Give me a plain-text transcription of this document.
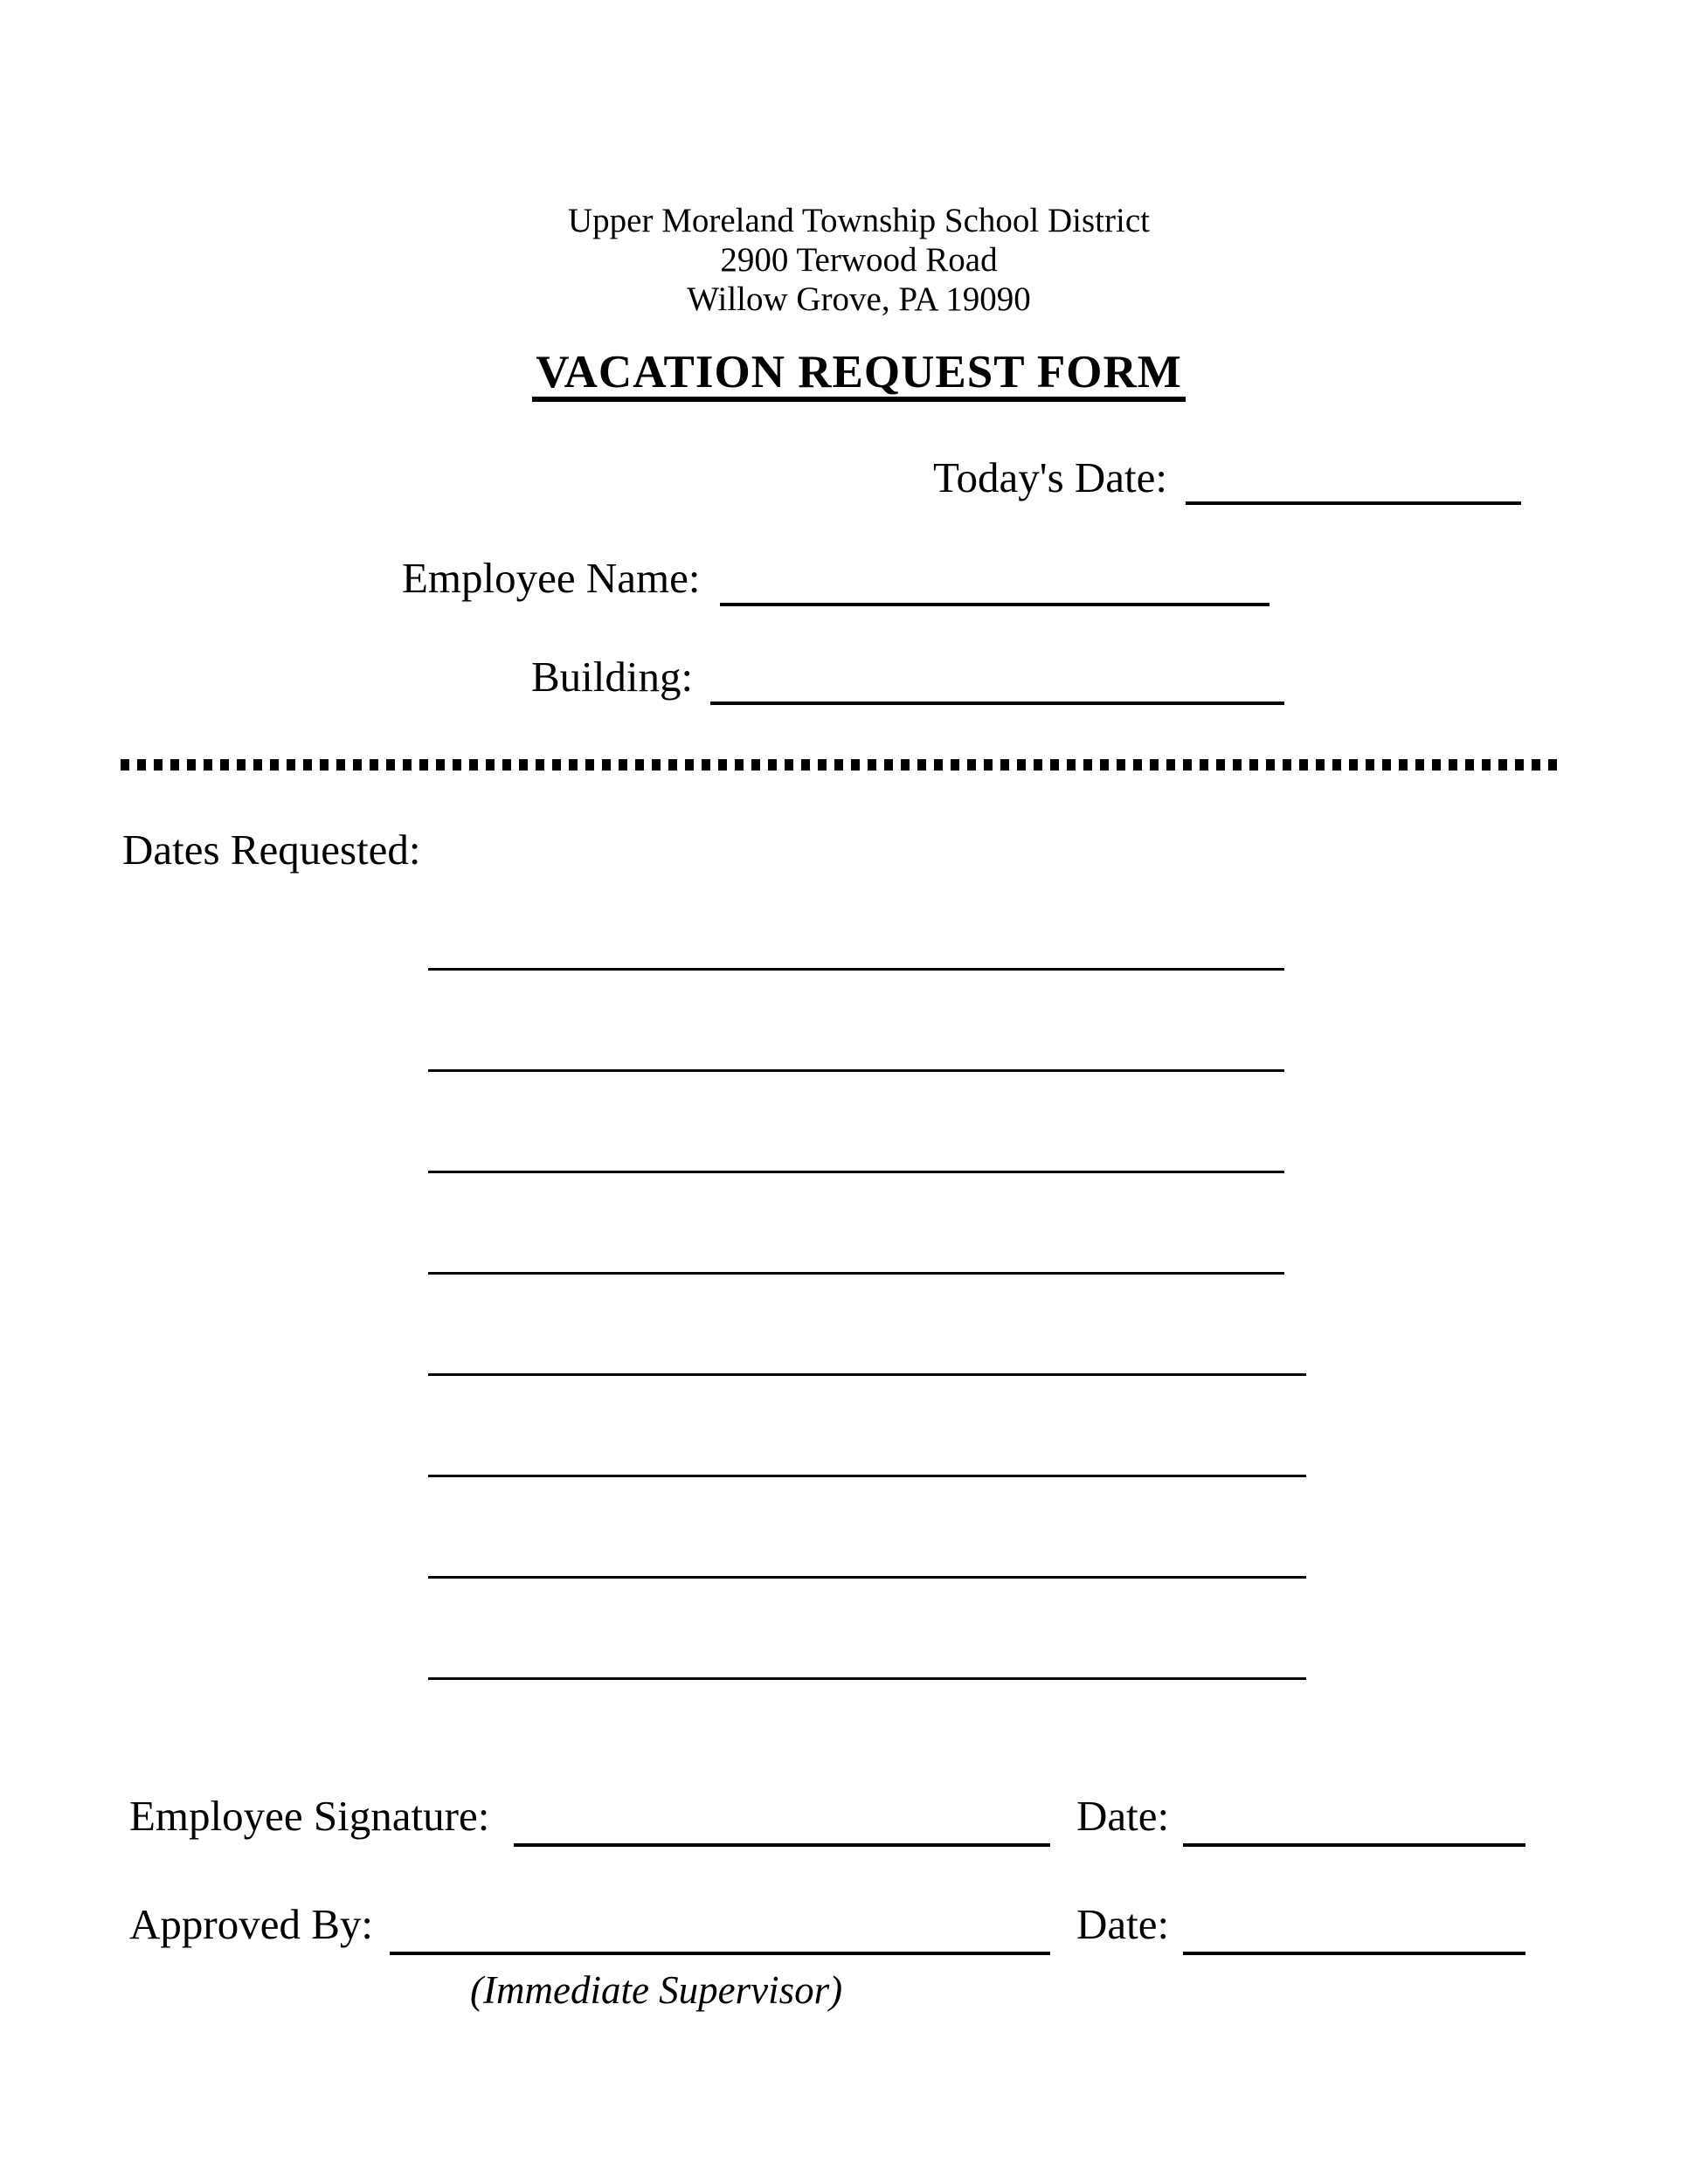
Upper Moreland Township School District
2900 Terwood Road
Willow Grove, PA 19090
VACATION REQUEST FORM
Today's Date:
Employee Name:
Building:
Dates Requested:
Employee Signature:	Date:
Approved By:	Date:
(Immediate Supervisor)
